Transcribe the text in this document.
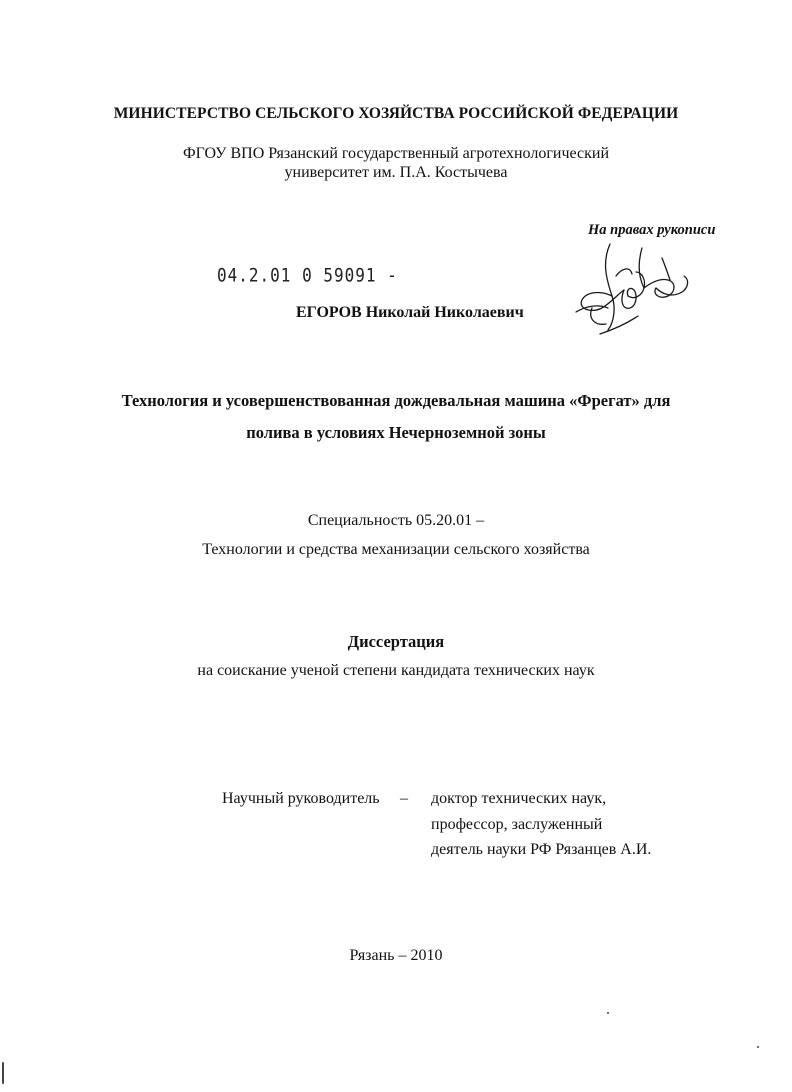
МИНИСТЕРСТВО СЕЛЬСКОГО ХОЗЯЙСТВА РОССИЙСКОЙ ФЕДЕРАЦИИ
ФГОУ ВПО Рязанский государственный агротехнологический
университет им. П.А. Костычева
На правах рукописи
04.2.01 0 59091 -
ЕГОРОВ Николай Николаевич
Технология и усовершенствованная дождевальная машина «Фрегат» для
полива в условиях Нечерноземной зоны
Специальность 05.20.01 –
Технологии и средства механизации сельского хозяйства
Диссертация
на соискание ученой степени кандидата технических наук
Научный руководитель – доктор технических наук,
профессор, заслуженный
деятель науки РФ Рязанцев А.И.
Рязань – 2010
